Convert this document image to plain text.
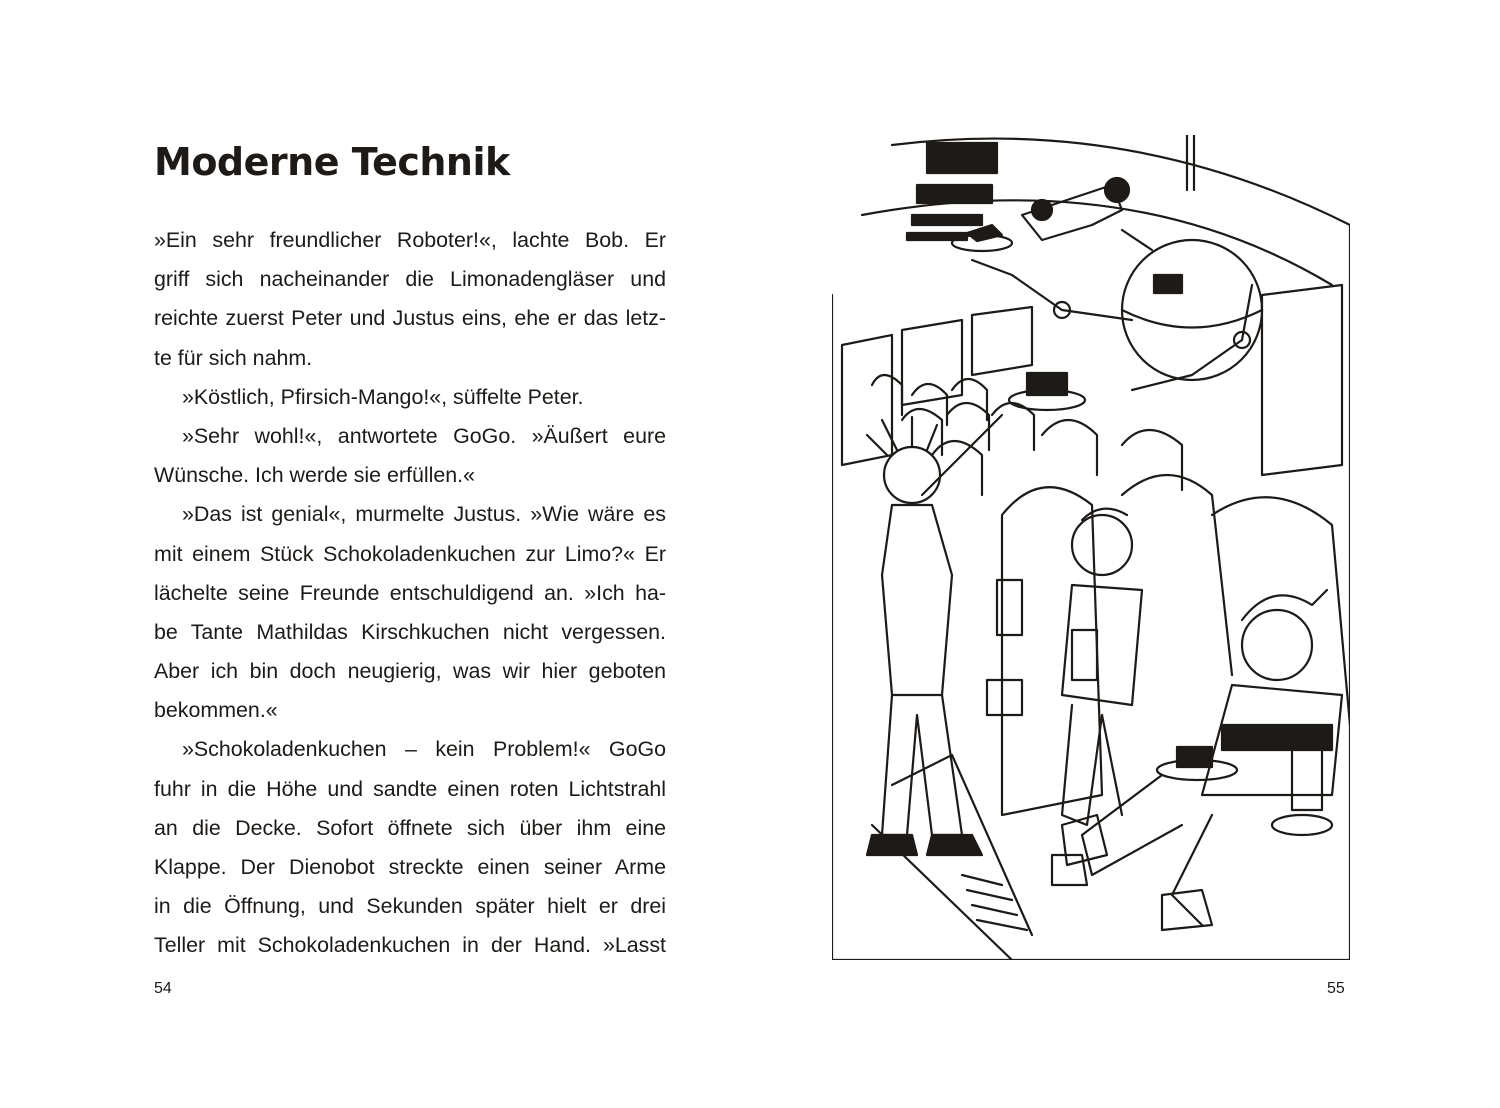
Moderne Technik
»Ein sehr freundlicher Roboter!«, lachte Bob. Er
griff sich nacheinander die Limonadengläser und
reichte zuerst Peter und Justus eins, ehe er das letz-
te für sich nahm.
»Köstlich, Pfirsich-Mango!«, süffelte Peter.
»Sehr wohl!«, antwortete GoGo. »Äußert eure
Wünsche. Ich werde sie erfüllen.«
»Das ist genial«, murmelte Justus. »Wie wäre es
mit einem Stück Schokoladenkuchen zur Limo?« Er
lächelte seine Freunde entschuldigend an. »Ich ha-
be Tante Mathildas Kirschkuchen nicht vergessen.
Aber ich bin doch neugierig, was wir hier geboten
bekommen.«
»Schokoladenkuchen – kein Problem!« GoGo
fuhr in die Höhe und sandte einen roten Lichtstrahl
an die Decke. Sofort öffnete sich über ihm eine
Klappe. Der Dienobot streckte einen seiner Arme
in die Öffnung, und Sekunden später hielt er drei
Teller mit Schokoladenkuchen in der Hand. »Lasst
54	55
